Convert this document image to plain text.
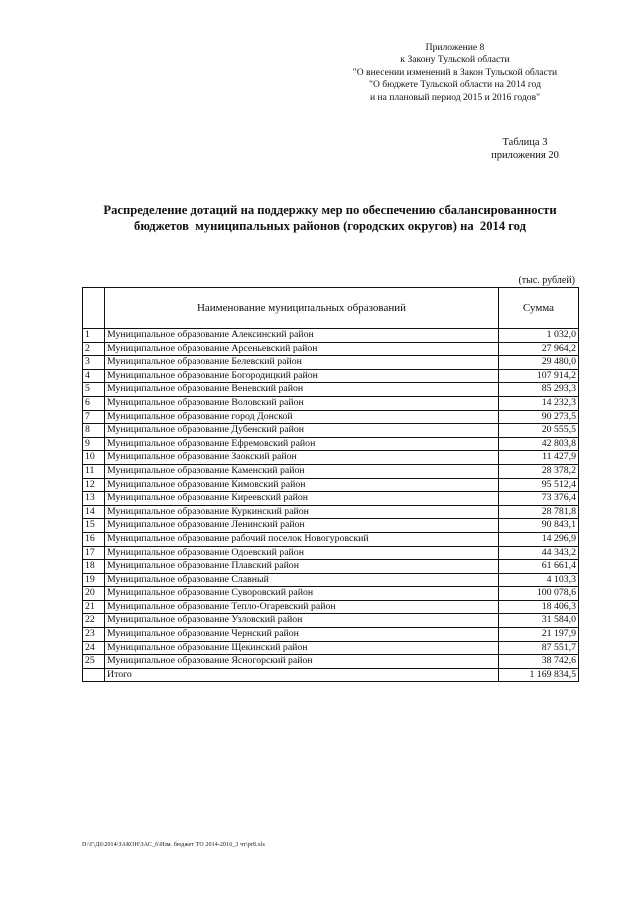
Приложение 8
к Закону Тульской области
"О внесении изменений в Закон Тульской области
"О бюджете Тульской области на 2014 год
и на плановый период 2015 и 2016 годов"
Таблица 3
приложения 20
Распределение дотаций на поддержку мер по обеспечению сбалансированности
бюджетов  муниципальных районов (городских округов) на  2014 год
(тыс. рублей)
	Наименование муниципальных образований	Сумма
1	Муниципальное образование Алексинский район	1 032,0
2	Муниципальное образование Арсеньевский район	27 964,2
3	Муниципальное образование Белевский район	29 480,0
4	Муниципальное образование Богородицкий район	107 914,2
5	Муниципальное образование Веневский район	85 293,3
6	Муниципальное образование Воловский район	14 232,3
7	Муниципальное образование город Донской	90 273,5
8	Муниципальное образование Дубенский район	20 555,5
9	Муниципальное образование Ефремовский район	42 803,8
10	Муниципальное образование Заокский район	11 427,9
11	Муниципальное образование Каменский район	28 378,2
12	Муниципальное образование Кимовский район	95 512,4
13	Муниципальное образование Киреевский район	73 376,4
14	Муниципальное образование Куркинский район	28 781,8
15	Муниципальное образование Ленинский район	90 843,1
16	Муниципальное образование рабочий поселок Новогуровский	14 296,9
17	Муниципальное образование Одоевский район	44 343,2
18	Муниципальное образование Плавский район	61 661,4
19	Муниципальное образование Славный	4 103,3
20	Муниципальное образование Суворовский район	100 078,6
21	Муниципальное образование Тепло-Огаревский район	18 406,3
22	Муниципальное образование Узловский район	31 584,0
23	Муниципальное образование Чернский район	21 197,9
24	Муниципальное образование Щекинский район	87 551,7
25	Муниципальное образование Ясногорский район	38 742,6
	Итого	1 169 834,5
D:\Г\Д6\2014\ЗАКОН\ЗАС_6\Изм. бюджет ТО 2014-2016_3 чт\pr8.xls
